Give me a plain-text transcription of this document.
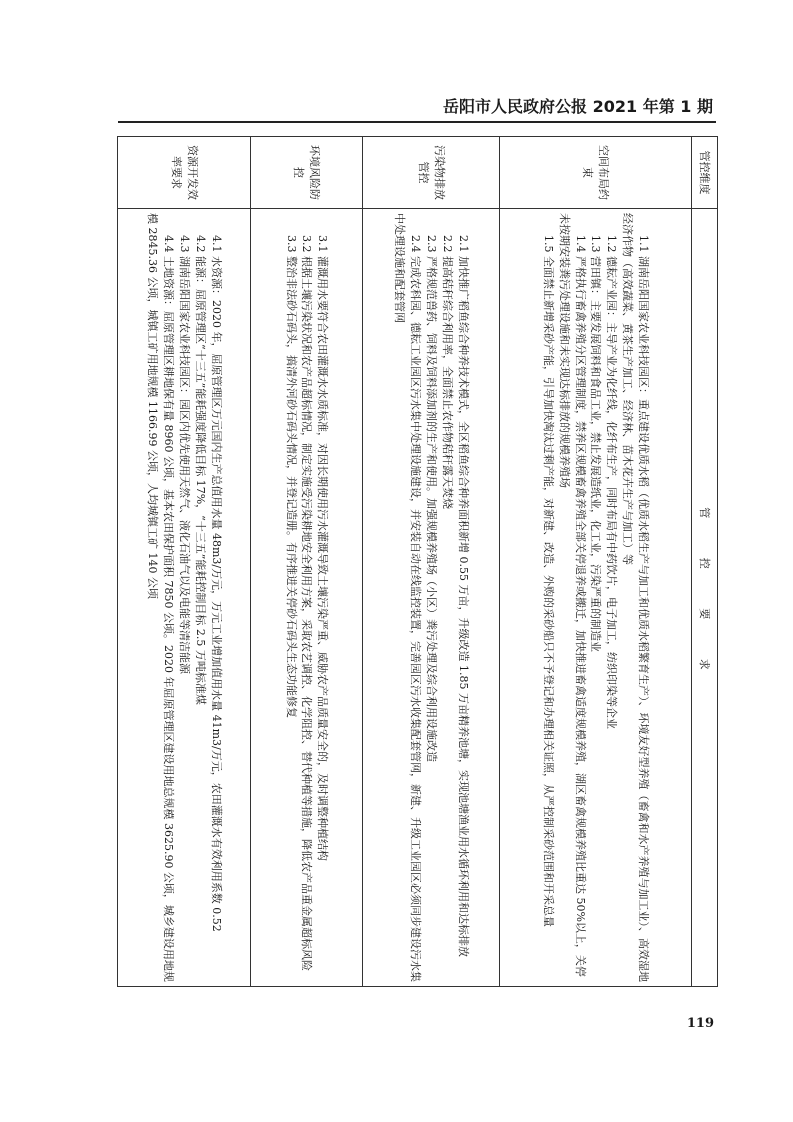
岳阳市人民政府公报 2021 年第 1 期
管控维度	管 控 要 求
空间布局约束	1.1 湖南岳阳国家农业科技园区：重点建设优质水稻（优质水稻生产与加工和优质水稻繁育生产）、环境友好型养殖（畜禽和水产养殖与加工业）、高效湿地经济作物（高效蔬菜、黄茶生产加工、经济林、苗木花卉生产与加工）等

1.2 德耘产业园：主导产业为化纤线，化纤布生产，同时布局有中药饮片，电子加工，纺织印染等企业

1.3 营田镇：主要发展饲料和食品工业，禁止发展造纸业，化工业，污染严重的制造业

1.4 严格执行畜禽养殖分区管理制度，禁养区规模畜禽养殖全部关停退养或搬迁，加快推进畜禽适度规模养殖，湖区畜禽规模养殖比重达 50%以上，关停未按期安装粪污处理设施和未实现达标排放的规模养殖场

1.5 全面禁止新增采砂产能，引导加快淘汰过剩产能，对新建、改造、外购的采砂船只不予登记和办理相关证照，从严控制采砂范围和开采总量

污染物排放管控	2.1 加快推广稻鱼综合种养技术模式，全区稻鱼综合种养面积新增 0.55 万亩，升级改造 1.85 万亩精养池塘，实现池塘渔业用水循环利用和达标排放

2.2 提高秸秆综合利用率，全面禁止农作物秸秆露天焚烧

2.3 严格规范兽药、饲料及饲料添加剂的生产和使用。加强规模养殖场（小区）粪污处理及综合利用设施改造

2.4 完成农科园、德耘工业园区污水集中处理设施建设，并安装自动在线监控装置，完善园区污水收集配套管网，新建、升级工业园区必须同步建设污水集中处理设施和配套管网

环境风险防控	3.1 灌溉用水要符合农田灌溉水水质标准，对因长期使用污水灌溉导致土壤污染严重、威胁农产品质量安全的，及时调整种植结构

3.2 根据土壤污染状况和农产品超标情况，制定实施受污染耕地安全利用方案，采取农艺调控、化学阻控、替代种植等措施，降低农产品重金属超标风险

3.3 整治非法砂石码头，搞清外河砂石码头情况，并登记造册。有序推进关停砂石码头生态功能修复

资源开发效率要求	4.1 水资源：2020 年，屈原管理区万元国内生产总值用水量 48m3/万元，万元工业增加值用水量 41m3/万元，农田灌溉水有效利用系数 0.52

4.2 能源：屈原管理区“十三五”能耗强度降低目标 17%，“十三五”能耗控制目标 2.5 万吨标准煤

4.3 湖南岳阳国家农业科技园区：园区内优先使用天然气、液化石油气以及电能等清洁能源

4.4 土地资源：屈原管理区耕地保有量 8960 公顷，基本农田保护面积 7850 公顷。2020 年屈原管理区建设用地总规模 3625.90 公顷，城乡建设用地规模 2845.36 公顷，城镇工矿用地规模 1166.99 公顷，人均城镇工矿 140 公顷

119
